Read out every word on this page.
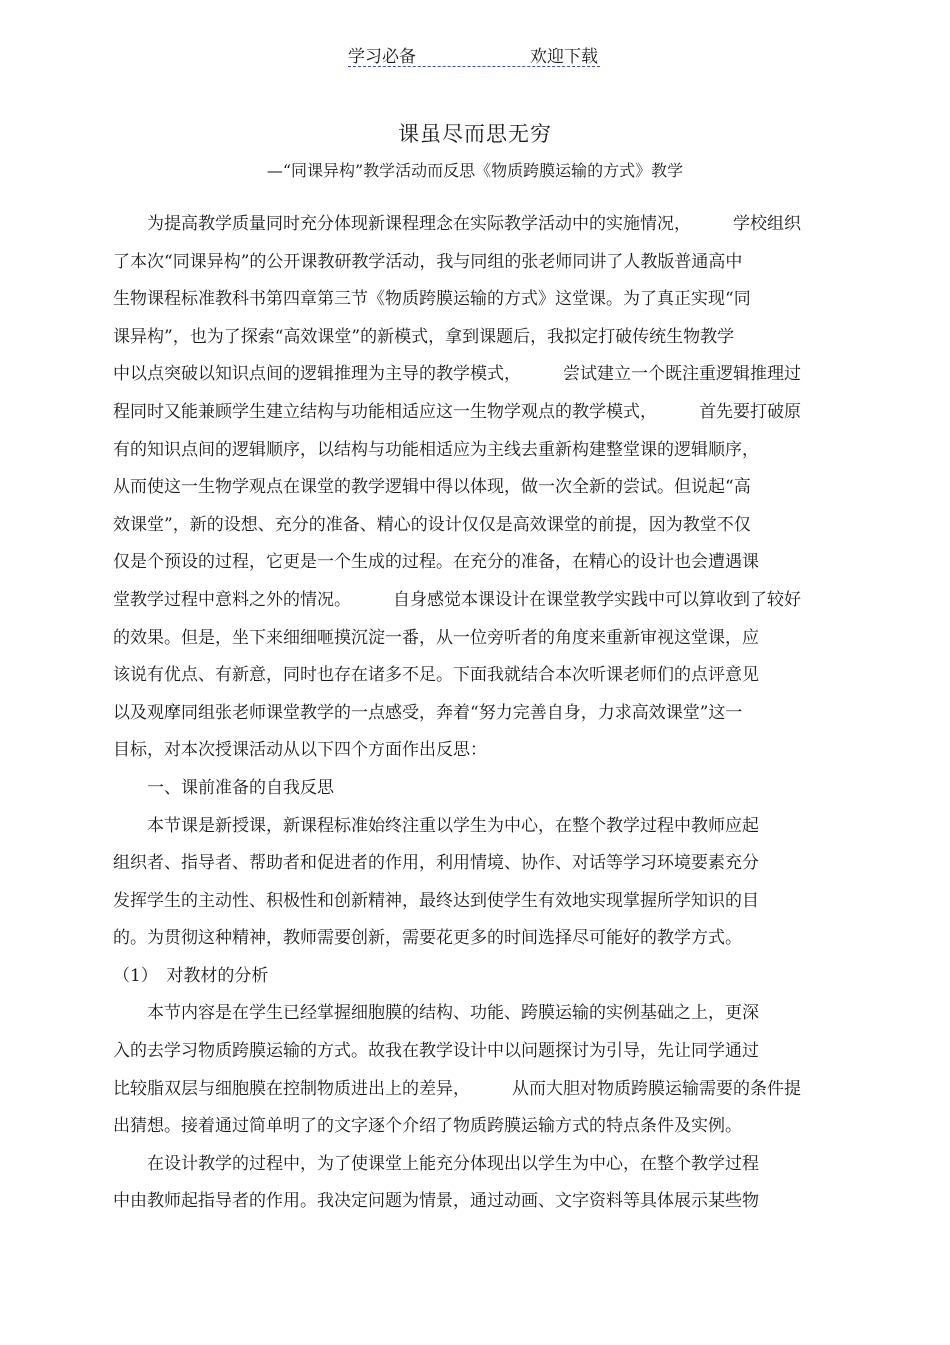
学习必备	欢迎下载
课虽尽而思无穷
—“同课异构”教学活动而反思《物质跨膜运输的方式》教学
　　为提高教学质量同时充分体现新课程理念在实际教学活动中的实施情况， 学校组织
了本次“同课异构”的公开课教研教学活动，我与同组的张老师同讲了人教版普通高中
生物课程标准教科书第四章第三节《物质跨膜运输的方式》这堂课。为了真正实现“同
课异构”，也为了探索“高效课堂”的新模式，拿到课题后，我拟定打破传统生物教学
中以点突破以知识点间的逻辑推理为主导的教学模式， 尝试建立一个既注重逻辑推理过
程同时又能兼顾学生建立结构与功能相适应这一生物学观点的教学模式， 首先要打破原
有的知识点间的逻辑顺序，以结构与功能相适应为主线去重新构建整堂课的逻辑顺序，
从而使这一生物学观点在课堂的教学逻辑中得以体现，做一次全新的尝试。但说起“高
效课堂”，新的设想、充分的准备、精心的设计仅仅是高效课堂的前提，因为教堂不仅
仅是个预设的过程，它更是一个生成的过程。在充分的准备，在精心的设计也会遭遇课
堂教学过程中意料之外的情况。 自身感觉本课设计在课堂教学实践中可以算收到了较好
的效果。但是，坐下来细细咂摸沉淀一番，从一位旁听者的角度来重新审视这堂课，应
该说有优点、有新意，同时也存在诸多不足。下面我就结合本次听课老师们的点评意见
以及观摩同组张老师课堂教学的一点感受，奔着“努力完善自身，力求高效课堂”这一
目标，对本次授课活动从以下四个方面作出反思：
　　一、课前准备的自我反思
　　本节课是新授课，新课程标准始终注重以学生为中心，在整个教学过程中教师应起
组织者、指导者、帮助者和促进者的作用，利用情境、协作、对话等学习环境要素充分
发挥学生的主动性、积极性和创新精神，最终达到使学生有效地实现掌握所学知识的目
的。为贯彻这种精神，教师需要创新，需要花更多的时间选择尽可能好的教学方式。
（1）　对教材的分析
　　本节内容是在学生已经掌握细胞膜的结构、功能、跨膜运输的实例基础之上，更深
入的去学习物质跨膜运输的方式。故我在教学设计中以问题探讨为引导，先让同学通过
比较脂双层与细胞膜在控制物质进出上的差异， 从而大胆对物质跨膜运输需要的条件提
出猜想。接着通过简单明了的文字逐个介绍了物质跨膜运输方式的特点条件及实例。
　　在设计教学的过程中，为了使课堂上能充分体现出以学生为中心，在整个教学过程
中由教师起指导者的作用。我决定问题为情景，通过动画、文字资料等具体展示某些物
